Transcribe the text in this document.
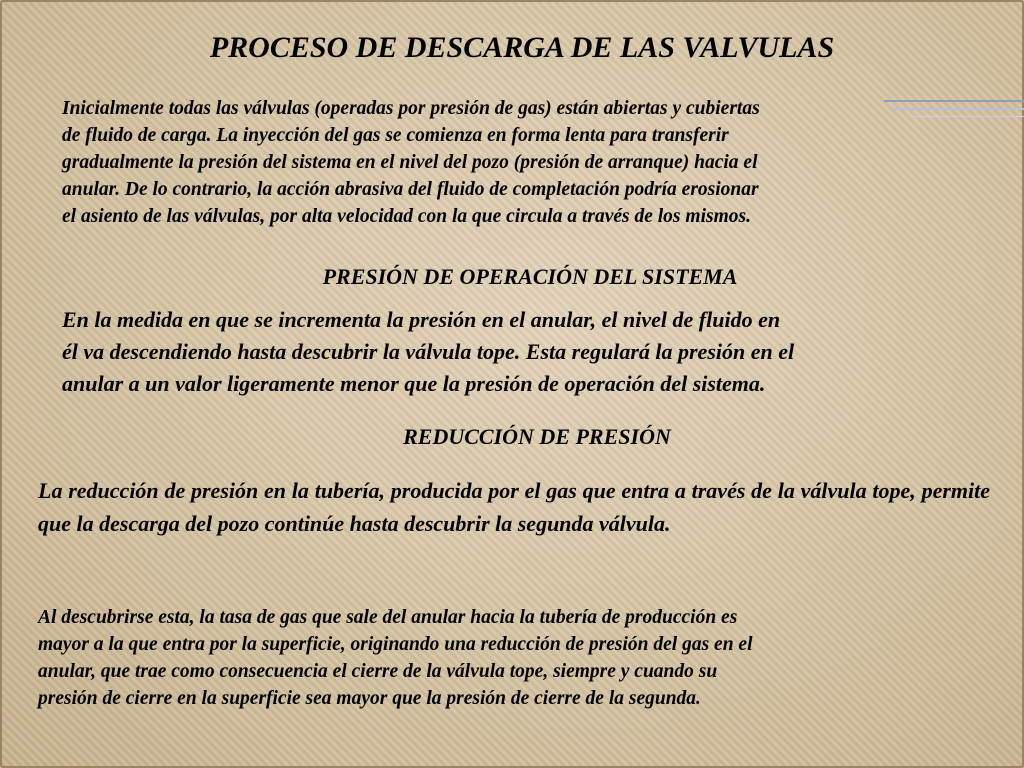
PROCESO DE DESCARGA DE LAS VALVULAS
Inicialmente todas las válvulas (operadas por presión de gas) están abiertas y cubiertas
de fluido de carga. La inyección del gas se comienza en forma lenta para transferir
gradualmente la presión del sistema en el nivel del pozo (presión de arranque) hacia el
anular. De lo contrario, la acción abrasiva del fluido de completación podría erosionar
el asiento de las válvulas, por alta velocidad con la que circula a través de los mismos.
PRESIÓN DE OPERACIÓN DEL SISTEMA
En la medida en que se incrementa la presión en el anular, el nivel de fluido en
él va descendiendo hasta descubrir la válvula tope. Esta regulará la presión en el
anular a un valor ligeramente menor que la presión de operación del sistema.
REDUCCIÓN DE PRESIÓN

La reducción de presión en la tubería, producida por el gas que entra a través de la válvula tope, permite que la descarga del pozo continúe hasta descubrir la segunda válvula.

Al descubrirse esta, la tasa de gas que sale del anular hacia la tubería de producción es
mayor a la que entra por la superficie, originando una reducción de presión del gas en el
anular, que trae como consecuencia el cierre de la válvula tope, siempre y cuando su
presión de cierre en la superficie sea mayor que la presión de cierre de la segunda.
